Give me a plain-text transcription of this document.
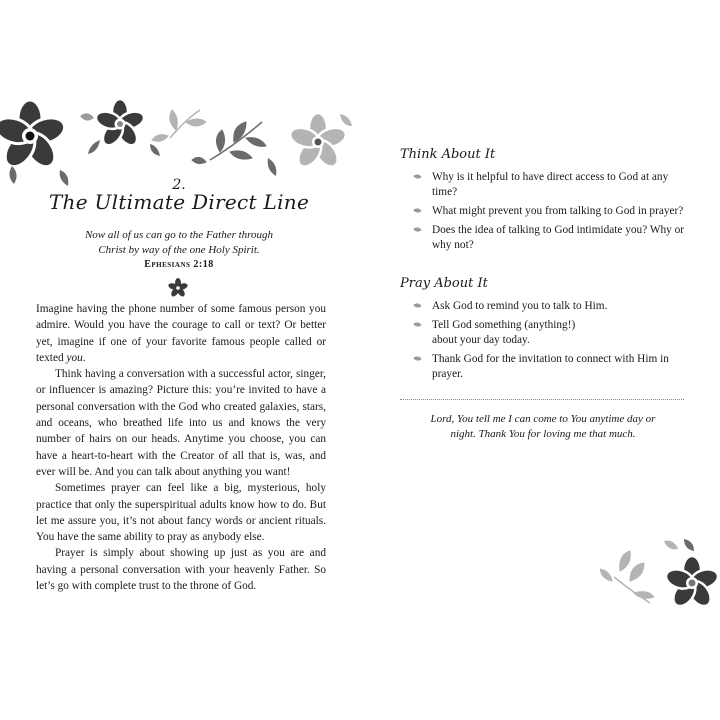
2.
The Ultimate Direct Line
Now all of us can go to the Father through
Christ by way of the one Holy Spirit.
Ephesians 2:18

Imagine having the phone number of some famous person you admire. Would you have the courage to call or text? Or better yet, imagine if one of your favorite famous people called or texted you.

Think having a conversation with a successful actor, singer, or influencer is amazing? Picture this: you’re invited to have a personal conversation with the God who created galaxies, stars, and oceans, who breathed life into us and knows the very number of hairs on our heads. Anytime you choose, you can have a heart-to-heart with the Creator of all that is, was, and ever will be. And you can talk about anything you want!

Sometimes prayer can feel like a big, mysterious, holy practice that only the superspiritual adults know how to do. But let me assure you, it’s not about fancy words or ancient rituals. You have the same ability to pray as anybody else.

Prayer is simply about showing up just as you are and having a personal conversation with your heavenly Father. So let’s go with complete trust to the throne of God.

Think About It
Why is it helpful to have direct access to God at any time?
What might prevent you from talking to God in prayer?
Does the idea of talking to God intimidate you? Why or why not?
Pray About It
Ask God to remind you to talk to Him.
Tell God something (anything!) about your day today.
Thank God for the invitation to connect with Him in prayer.
Lord, You tell me I can come to You anytime day or
night. Thank You for loving me that much.
